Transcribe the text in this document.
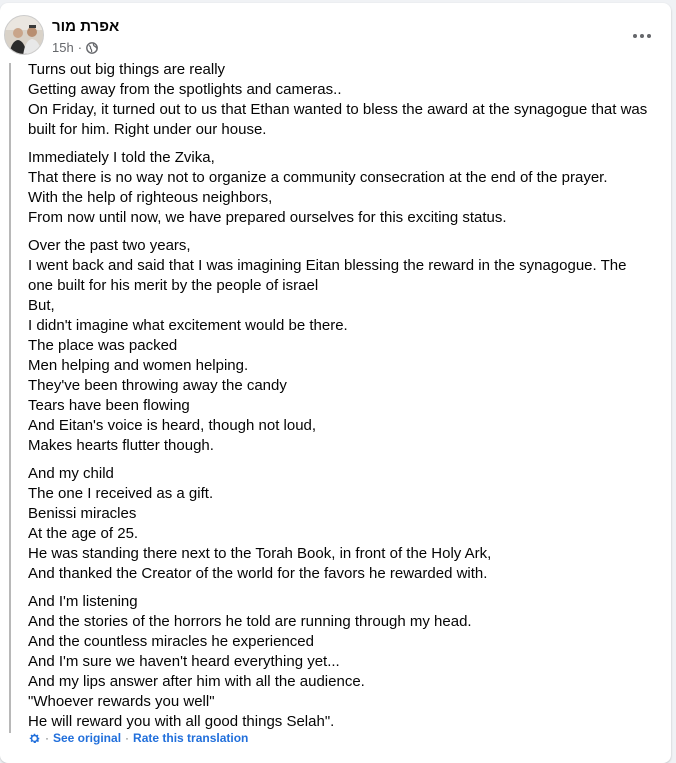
אפרת מור
15h ·
Turns out big things are really
Getting away from the spotlights and cameras..
On Friday, it turned out to us that Ethan wanted to bless the award at the synagogue that was built for him. Right under our house.
Immediately I told the Zvika,
That there is no way not to organize a community consecration at the end of the prayer.
With the help of righteous neighbors,
From now until now, we have prepared ourselves for this exciting status.
Over the past two years,
I went back and said that I was imagining Eitan blessing the reward in the synagogue. The one built for his merit by the people of israel
But,
I didn't imagine what excitement would be there.
The place was packed
Men helping and women helping.
They've been throwing away the candy
Tears have been flowing
And Eitan's voice is heard, though not loud,
Makes hearts flutter though.
And my child
The one I received as a gift.
Benissi miracles
At the age of 25.
He was standing there next to the Torah Book, in front of the Holy Ark,
And thanked the Creator of the world for the favors he rewarded with.
And I'm listening
And the stories of the horrors he told are running through my head.
And the countless miracles he experienced
And I'm sure we haven't heard everything yet...
And my lips answer after him with all the audience.
"Whoever rewards you well"
He will reward you with all good things Selah".
· See original · Rate this translation
